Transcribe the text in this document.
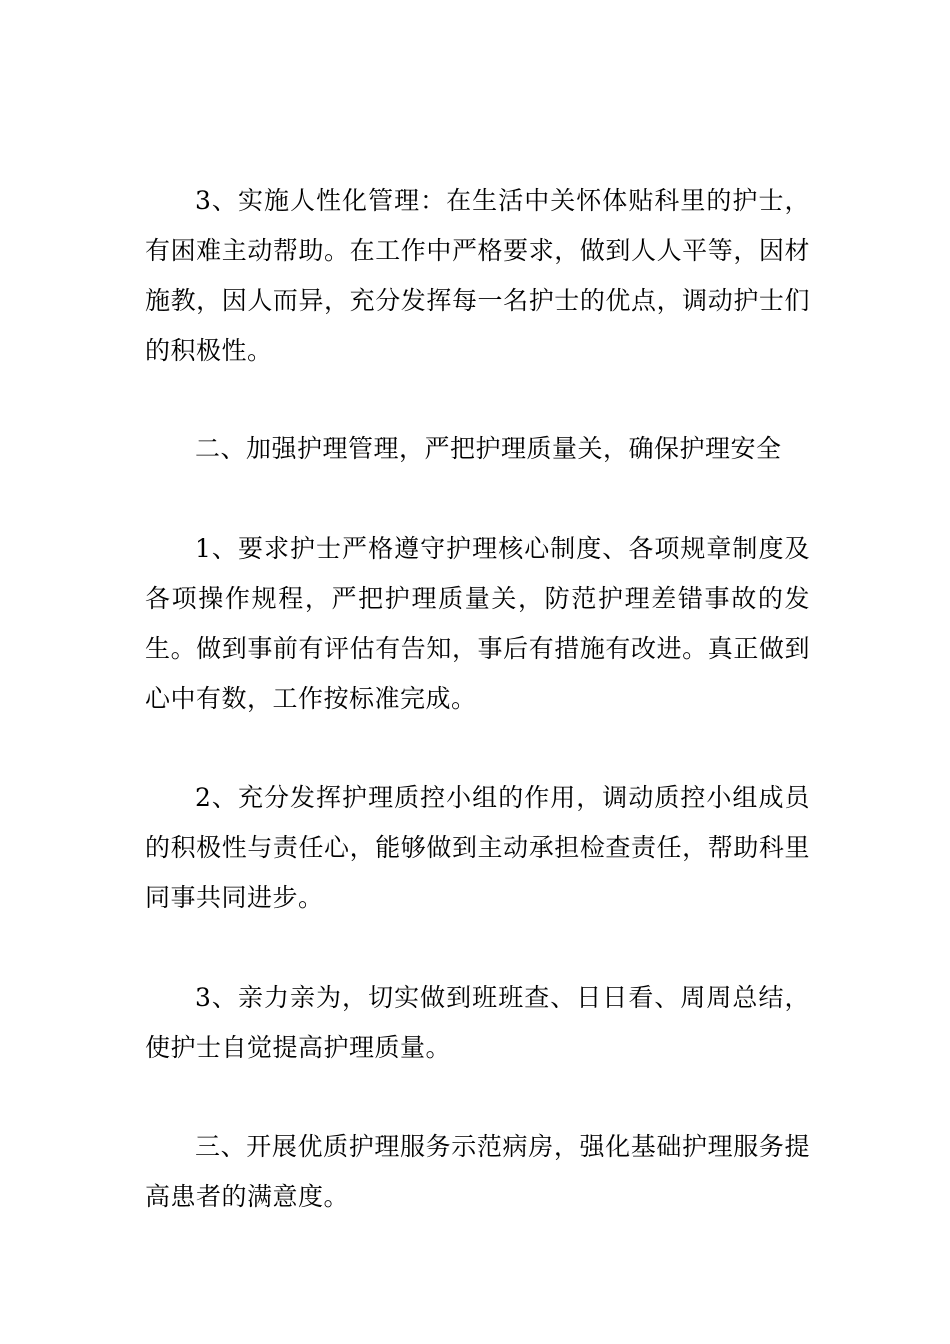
3、实施人性化管理：在生活中关怀体贴科里的护士，有困难主动帮助。在工作中严格要求，做到人人平等，因材施教，因人而异，充分发挥每一名护士的优点，调动护士们的积极性。

二、加强护理管理，严把护理质量关，确保护理安全

1、要求护士严格遵守护理核心制度、各项规章制度及各项操作规程，严把护理质量关，防范护理差错事故的发生。做到事前有评估有告知，事后有措施有改进。真正做到心中有数，工作按标准完成。

2、充分发挥护理质控小组的作用，调动质控小组成员的积极性与责任心，能够做到主动承担检查责任，帮助科里同事共同进步。

3、亲力亲为，切实做到班班查、日日看、周周总结，使护士自觉提高护理质量。

三、开展优质护理服务示范病房，强化基础护理服务提高患者的满意度。
